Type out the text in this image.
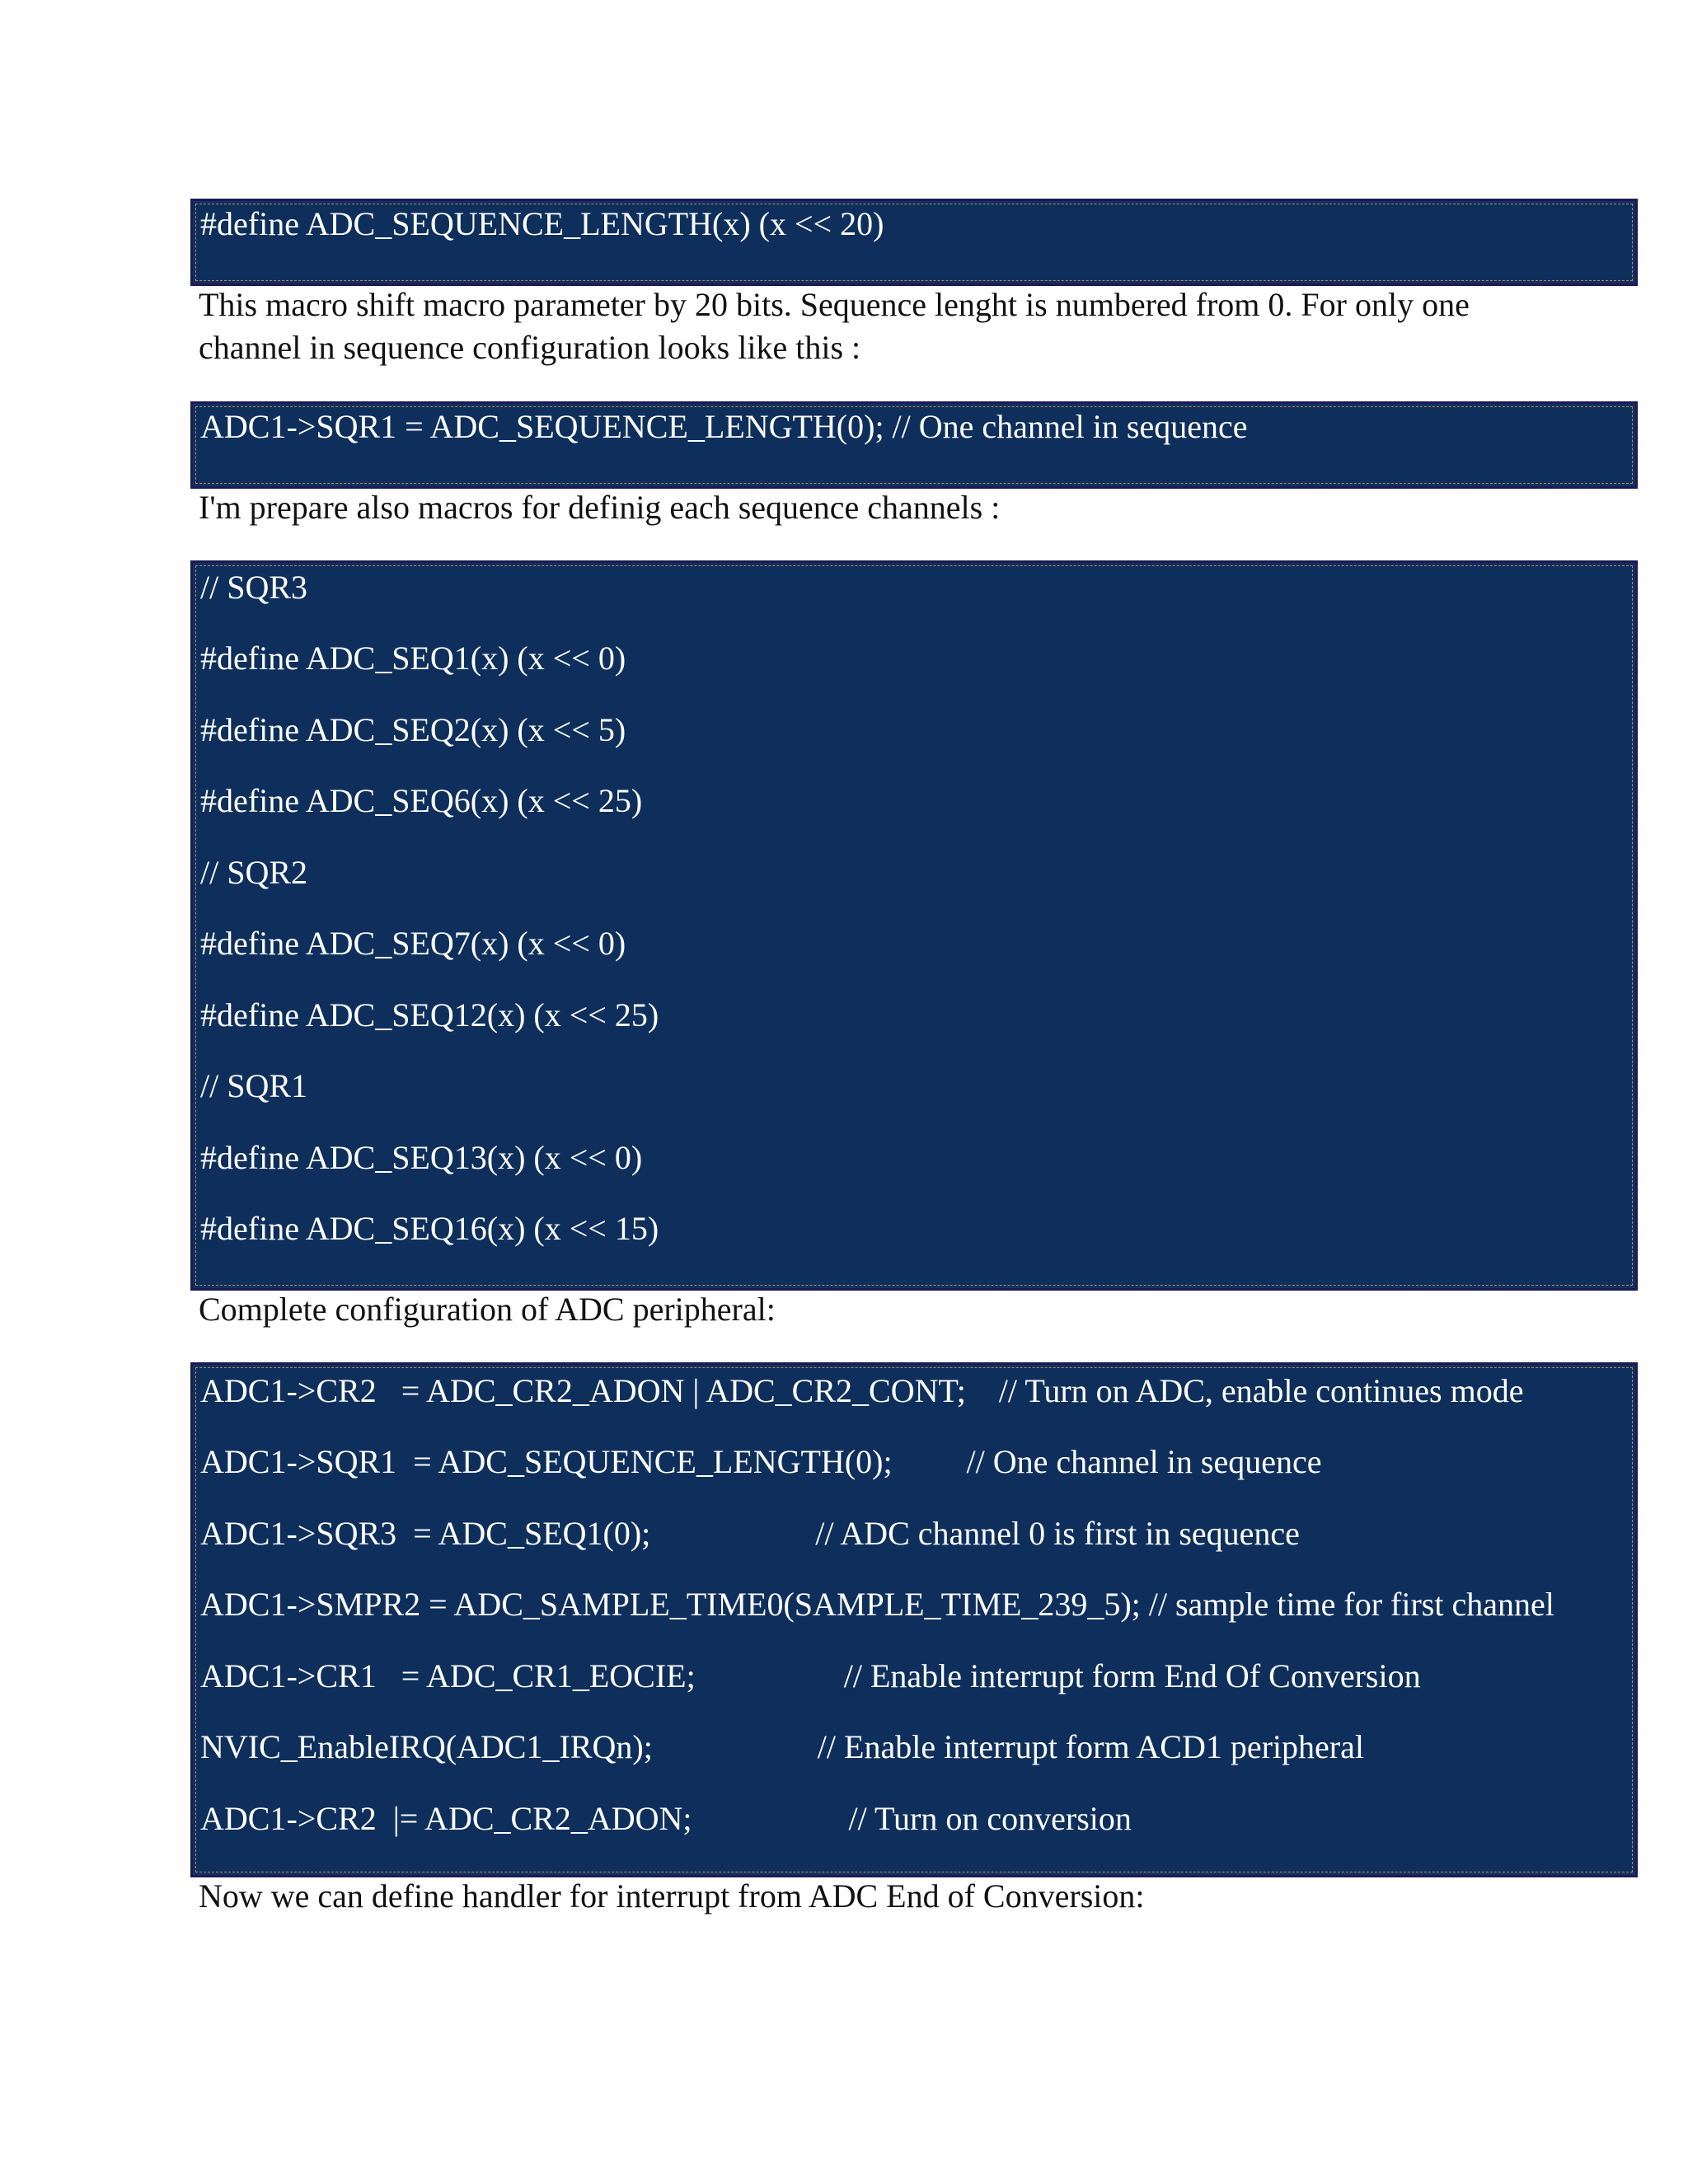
#define ADC_SEQUENCE_LENGTH(x) (x << 20)
This macro shift macro parameter by 20 bits. Sequence lenght is numbered from 0. For only one
channel in sequence configuration looks like this :
ADC1->SQR1 = ADC_SEQUENCE_LENGTH(0); // One channel in sequence
I'm prepare also macros for definig each sequence channels :
// SQR3
#define ADC_SEQ1(x) (x << 0)
#define ADC_SEQ2(x) (x << 5)
#define ADC_SEQ6(x) (x << 25)
// SQR2
#define ADC_SEQ7(x) (x << 0)
#define ADC_SEQ12(x) (x << 25)
// SQR1
#define ADC_SEQ13(x) (x << 0)
#define ADC_SEQ16(x) (x << 15)
Complete configuration of ADC peripheral:
ADC1->CR2   = ADC_CR2_ADON | ADC_CR2_CONT;    // Turn on ADC, enable continues mode
ADC1->SQR1  = ADC_SEQUENCE_LENGTH(0);         // One channel in sequence
ADC1->SQR3  = ADC_SEQ1(0);                    // ADC channel 0 is first in sequence
ADC1->SMPR2 = ADC_SAMPLE_TIME0(SAMPLE_TIME_239_5); // sample time for first channel
ADC1->CR1   = ADC_CR1_EOCIE;                  // Enable interrupt form End Of Conversion
NVIC_EnableIRQ(ADC1_IRQn);                    // Enable interrupt form ACD1 peripheral
ADC1->CR2  |= ADC_CR2_ADON;                   // Turn on conversion
Now we can define handler for interrupt from ADC End of Conversion:
